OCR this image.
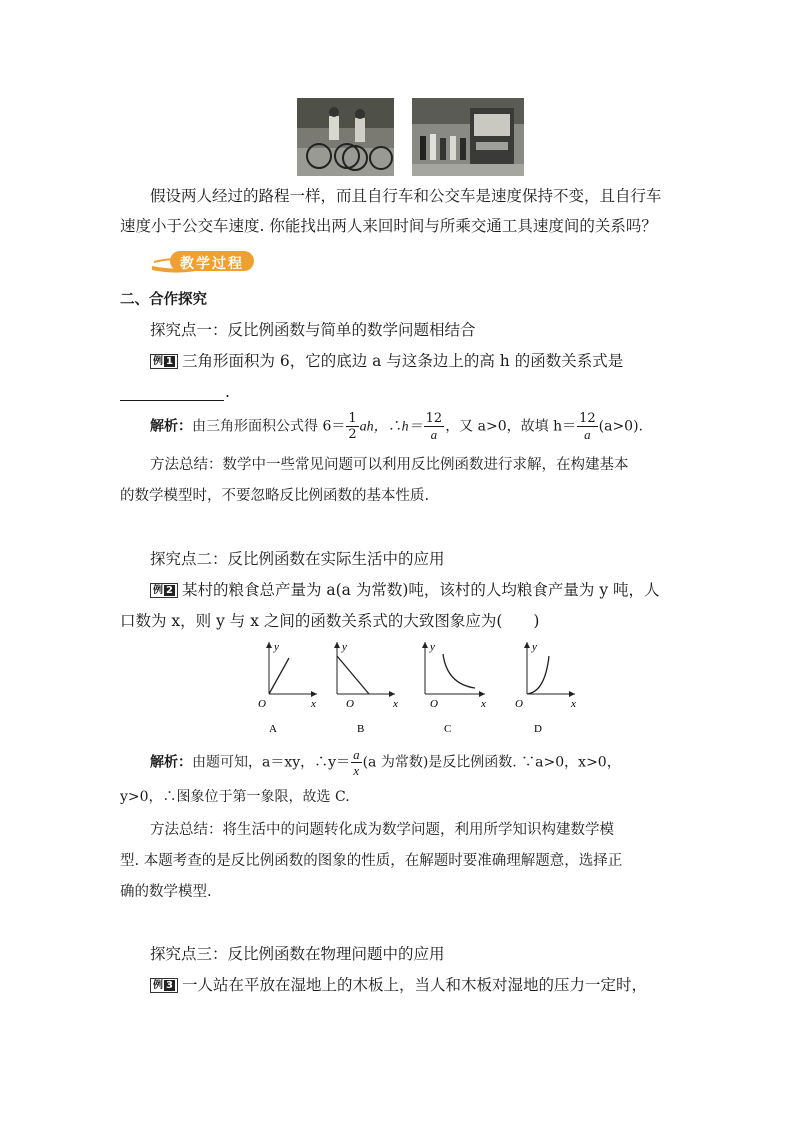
假设两人经过的路程一样，而且自行车和公交车是速度保持不变，且自行车
速度小于公交车速度. 你能找出两人来回时间与所乘交通工具速度间的关系吗？
教学过程
二、合作探究
探究点一：反比例函数与简单的数学问题相结合
例 1 三角形面积为 6，它的底边 a 与这条边上的高 h 的函数关系式是
.
解析：由三角形面积公式得 $6= \frac{1}{2}$ ah，∴h＝ $\frac{12}{a}$ ，又 a>0，故填 $h= \frac{12}{a} (a>0)$.
方法总结：数学中一些常见问题可以利用反比例函数进行求解，在构建基本
的数学模型时，不要忽略反比例函数的基本性质.
探究点二：反比例函数在实际生活中的应用
例 2 某村的粮食总产量为 a(a 为常数)吨，该村的人均粮食产量为 y 吨，人
口数为 x，则 y 与 x 之间的函数关系式的大致图象应为(　　)
y
x
O
A
y
x
O
B
y
x
O
C
y
x
O
D
解析：由题可知，a＝xy，∴y＝ $\frac{a}{x} (a$ 为常数)是反比例函数. ∵a>0，x>0，
y>0，∴图象位于第一象限，故选 C.
方法总结：将生活中的问题转化成为数学问题，利用所学知识构建数学模
型. 本题考查的是反比例函数的图象的性质，在解题时要准确理解题意，选择正
确的数学模型.
探究点三：反比例函数在物理问题中的应用
例 3 一人站在平放在湿地上的木板上，当人和木板对湿地的压力一定时，
